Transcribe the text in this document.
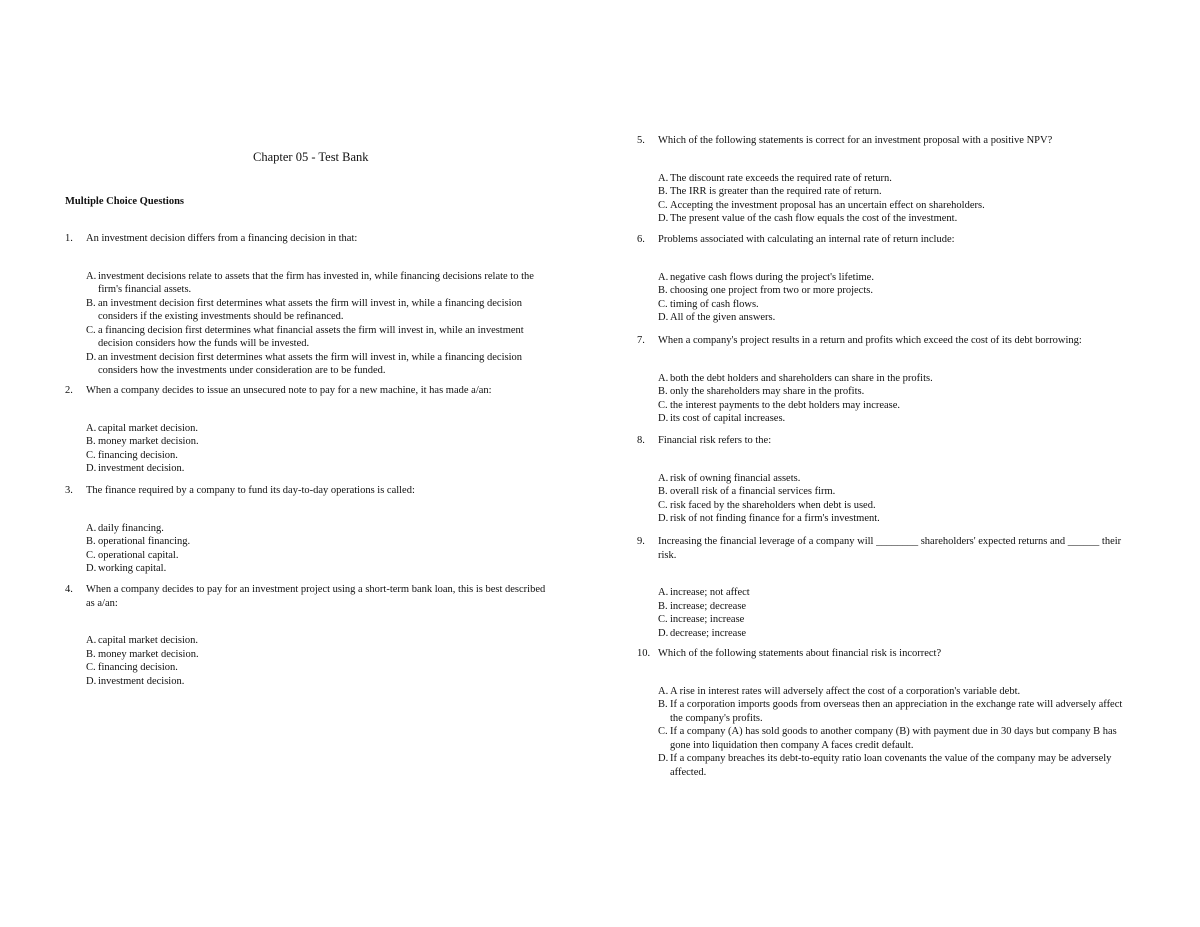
Chapter 05 - Test Bank
Multiple Choice Questions
1.	An investment decision differs from a financing decision in that:
A. investment decisions relate to assets that the firm has invested in, while financing decisions relate to the firm's financial assets.
B. an investment decision first determines what assets the firm will invest in, while a financing decision considers if the existing investments should be refinanced.
C. a financing decision first determines what financial assets the firm will invest in, while an investment decision considers how the funds will be invested.
D. an investment decision first determines what assets the firm will invest in, while a financing decision considers how the investments under consideration are to be funded.
2.	When a company decides to issue an unsecured note to pay for a new machine, it has made a/an:
A. capital market decision.
B. money market decision.
C. financing decision.
D. investment decision.
3.	The finance required by a company to fund its day-to-day operations is called:
A. daily financing.
B. operational financing.
C. operational capital.
D. working capital.
4.	When a company decides to pay for an investment project using a short-term bank loan, this is best described as a/an:
A. capital market decision.
B. money market decision.
C. financing decision.
D. investment decision.
5.	Which of the following statements is correct for an investment proposal with a positive NPV?
A. The discount rate exceeds the required rate of return.
B. The IRR is greater than the required rate of return.
C. Accepting the investment proposal has an uncertain effect on shareholders.
D. The present value of the cash flow equals the cost of the investment.
6.	Problems associated with calculating an internal rate of return include:
A. negative cash flows during the project's lifetime.
B. choosing one project from two or more projects.
C. timing of cash flows.
D. All of the given answers.
7.	When a company's project results in a return and profits which exceed the cost of its debt borrowing:
A. both the debt holders and shareholders can share in the profits.
B. only the shareholders may share in the profits.
C. the interest payments to the debt holders may increase.
D. its cost of capital increases.
8.	Financial risk refers to the:
A. risk of owning financial assets.
B. overall risk of a financial services firm.
C. risk faced by the shareholders when debt is used.
D. risk of not finding finance for a firm's investment.
9.	Increasing the financial leverage of a company will ________ shareholders' expected returns and ______ their risk.
A. increase; not affect
B. increase; decrease
C. increase; increase
D. decrease; increase
10. Which of the following statements about financial risk is incorrect?
A. A rise in interest rates will adversely affect the cost of a corporation's variable debt.
B. If a corporation imports goods from overseas then an appreciation in the exchange rate will adversely affect the company's profits.
C. If a company (A) has sold goods to another company (B) with payment due in 30 days but company B has gone into liquidation then company A faces credit default.
D. If a company breaches its debt-to-equity ratio loan covenants the value of the company may be adversely affected.
